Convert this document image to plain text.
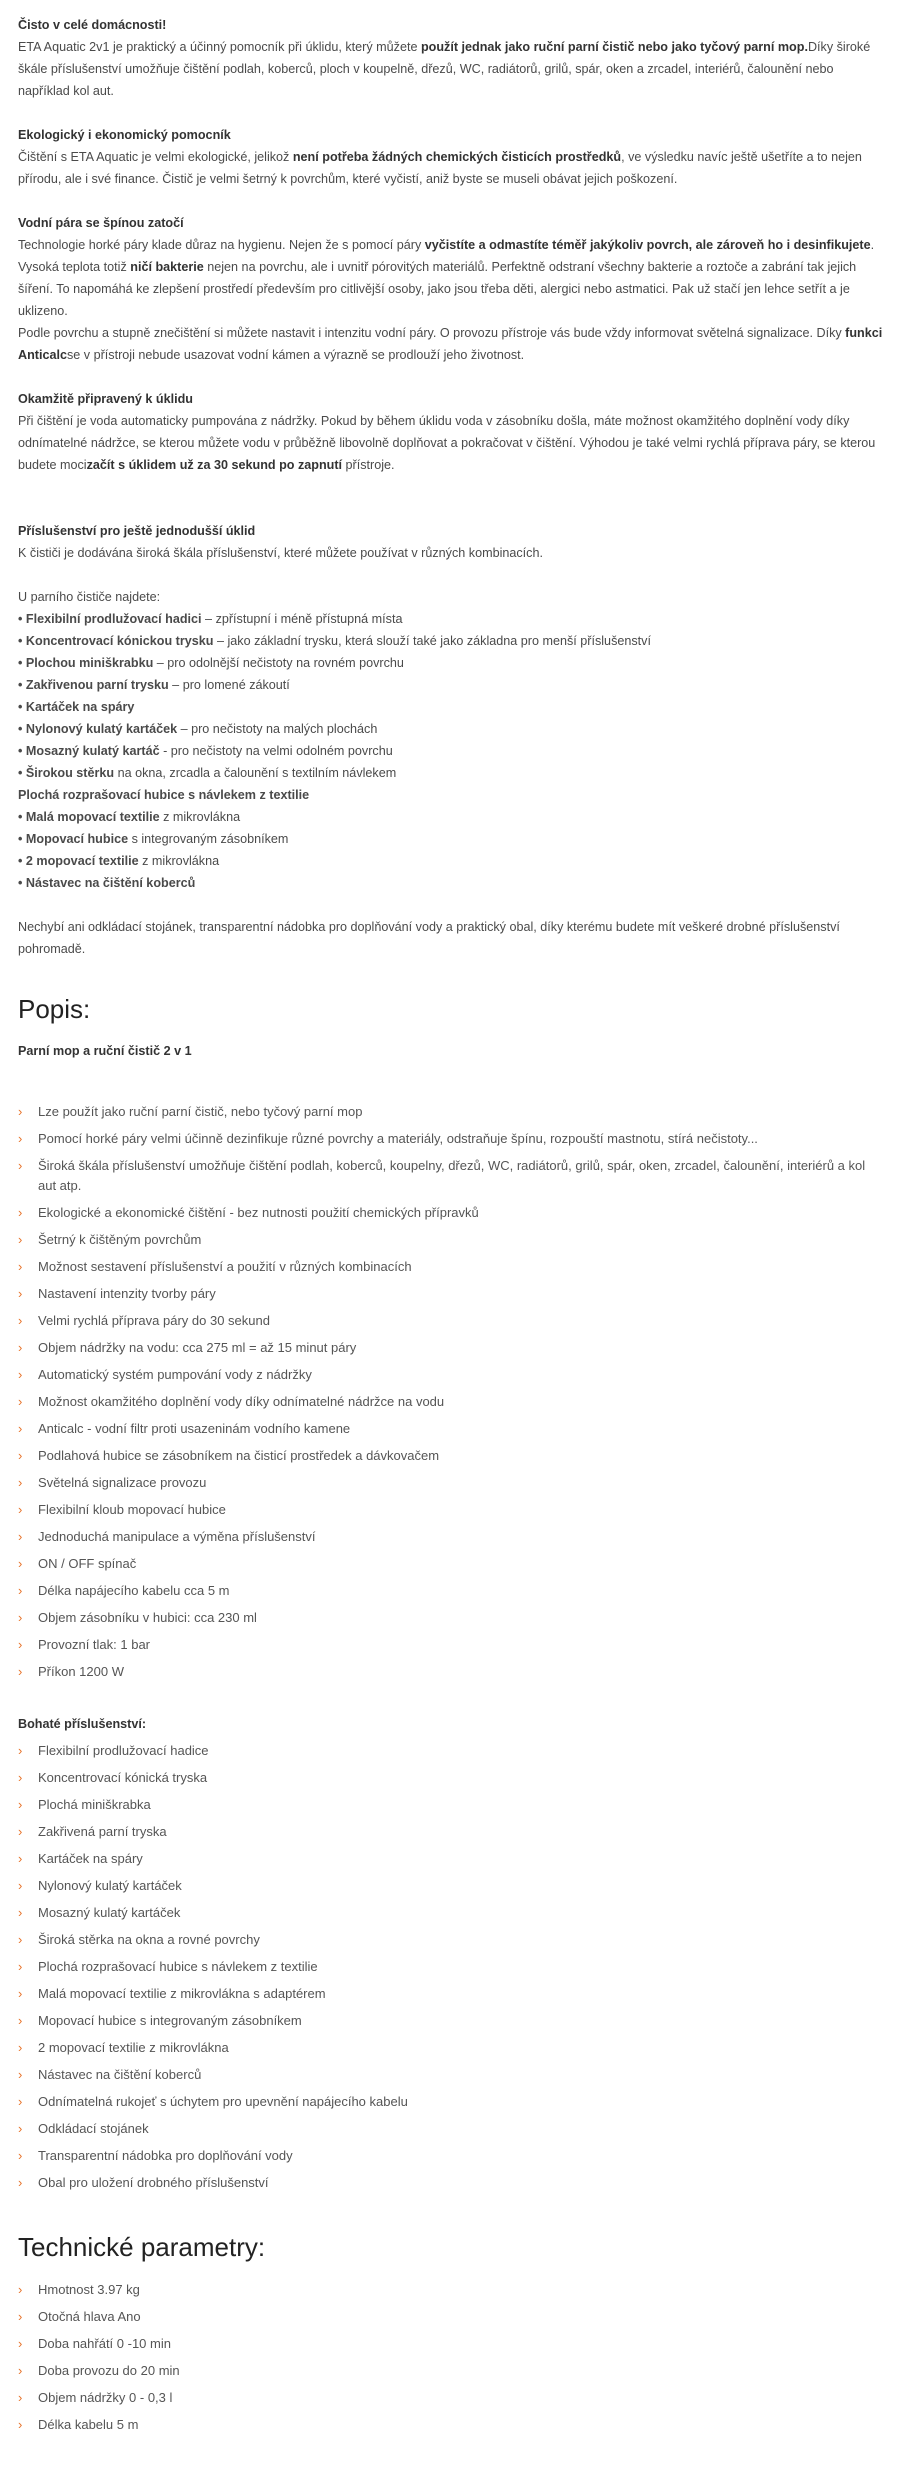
Čisto v celé domácnosti!

ETA Aquatic 2v1 je praktický a účinný pomocník při úklidu, který můžete použít jednak jako ruční parní čistič nebo jako tyčový parní mop.Díky široké škále příslušenství umožňuje čištění podlah, koberců, ploch v koupelně, dřezů, WC, radiátorů, grilů, spár, oken a zrcadel, interiérů, čalounění nebo například kol aut.

Ekologický i ekonomický pomocník

Čištění s ETA Aquatic je velmi ekologické, jelikož není potřeba žádných chemických čisticích prostředků, ve výsledku navíc ještě ušetříte a to nejen přírodu, ale i své finance. Čistič je velmi šetrný k povrchům, které vyčistí, aniž byste se museli obávat jejich poškození.

Vodní pára se špínou zatočí

Technologie horké páry klade důraz na hygienu. Nejen že s pomocí páry vyčistíte a odmastíte téměř jakýkoliv povrch, ale zároveň ho i desinfikujete. Vysoká teplota totiž ničí bakterie nejen na povrchu, ale i uvnitř pórovitých materiálů. Perfektně odstraní všechny bakterie a roztoče a zabrání tak jejich šíření. To napomáhá ke zlepšení prostředí především pro citlivější osoby, jako jsou třeba děti, alergici nebo astmatici. Pak už stačí jen lehce setřít a je uklizeno.

Podle povrchu a stupně znečištění si můžete nastavit i intenzitu vodní páry. O provozu přístroje vás bude vždy informovat světelná signalizace. Díky funkci Anticalcse v přístroji nebude usazovat vodní kámen a výrazně se prodlouží jeho životnost.

Okamžitě připravený k úklidu

Při čištění je voda automaticky pumpována z nádržky. Pokud by během úklidu voda v zásobníku došla, máte možnost okamžitého doplnění vody díky odnímatelné nádržce, se kterou můžete vodu v průběžně libovolně doplňovat a pokračovat v čištění. Výhodou je také velmi rychlá příprava páry, se kterou budete mocizačít s úklidem už za 30 sekund po zapnutí přístroje.

Příslušenství pro ještě jednodušší úklid

K čističi je dodávána široká škála příslušenství, které můžete používat v různých kombinacích.

U parního čističe najdete:

• Flexibilní prodlužovací hadici – zpřístupní i méně přístupná místa
• Koncentrovací kónickou trysku – jako základní trysku, která slouží také jako základna pro menší příslušenství
• Plochou miniškrabku – pro odolnější nečistoty na rovném povrchu
• Zakřivenou parní trysku – pro lomené zákoutí
• Kartáček na spáry
• Nylonový kulatý kartáček – pro nečistoty na malých plochách
• Mosazný kulatý kartáč - pro nečistoty na velmi odolném povrchu
• Širokou stěrku na okna, zrcadla a čalounění s textilním návlekem
Plochá rozprašovací hubice s návlekem z textilie
• Malá mopovací textilie z mikrovlákna
• Mopovací hubice s integrovaným zásobníkem
• 2 mopovací textilie z mikrovlákna
• Nástavec na čištění koberců

Nechybí ani odkládací stojánek, transparentní nádobka pro doplňování vody a praktický obal, díky kterému budete mít veškeré drobné příslušenství pohromadě.

Popis:

Parní mop a ruční čistič 2 v 1

› Lze použít jako ruční parní čistič, nebo tyčový parní mop
› Pomocí horké páry velmi účinně dezinfikuje různé povrchy a materiály, odstraňuje špínu, rozpouští mastnotu, stírá nečistoty...
› Široká škála příslušenství umožňuje čištění podlah, koberců, koupelny, dřezů, WC, radiátorů, grilů, spár, oken, zrcadel, čalounění, interiérů a kol aut atp.
› Ekologické a ekonomické čištění - bez nutnosti použití chemických přípravků
› Šetrný k čištěným povrchům
› Možnost sestavení příslušenství a použití v různých kombinacích
› Nastavení intenzity tvorby páry
› Velmi rychlá příprava páry do 30 sekund
› Objem nádržky na vodu: cca 275 ml = až 15 minut páry
› Automatický systém pumpování vody z nádržky
› Možnost okamžitého doplnění vody díky odnímatelné nádržce na vodu
› Anticalc - vodní filtr proti usazeninám vodního kamene
› Podlahová hubice se zásobníkem na čisticí prostředek a dávkovačem
› Světelná signalizace provozu
› Flexibilní kloub mopovací hubice
› Jednoduchá manipulace a výměna příslušenství
› ON / OFF spínač
› Délka napájecího kabelu cca 5 m
› Objem zásobníku v hubici: cca 230 ml
› Provozní tlak: 1 bar
› Příkon 1200 W

Bohaté příslušenství:

› Flexibilní prodlužovací hadice
› Koncentrovací kónická tryska
› Plochá miniškrabka
› Zakřivená parní tryska
› Kartáček na spáry
› Nylonový kulatý kartáček
› Mosazný kulatý kartáček
› Široká stěrka na okna a rovné povrchy
› Plochá rozprašovací hubice s návlekem z textilie
› Malá mopovací textilie z mikrovlákna s adaptérem
› Mopovací hubice s integrovaným zásobníkem
› 2 mopovací textilie z mikrovlákna
› Nástavec na čištění koberců
› Odnímatelná rukojeť s úchytem pro upevnění napájecího kabelu
› Odkládací stojánek
› Transparentní nádobka pro doplňování vody
› Obal pro uložení drobného příslušenství
Technické parametry:
› Hmotnost 3.97 kg
› Otočná hlava Ano
› Doba nahřátí 0 -10 min
› Doba provozu do 20 min
› Objem nádržky 0 - 0,3 l
› Délka kabelu 5 m
